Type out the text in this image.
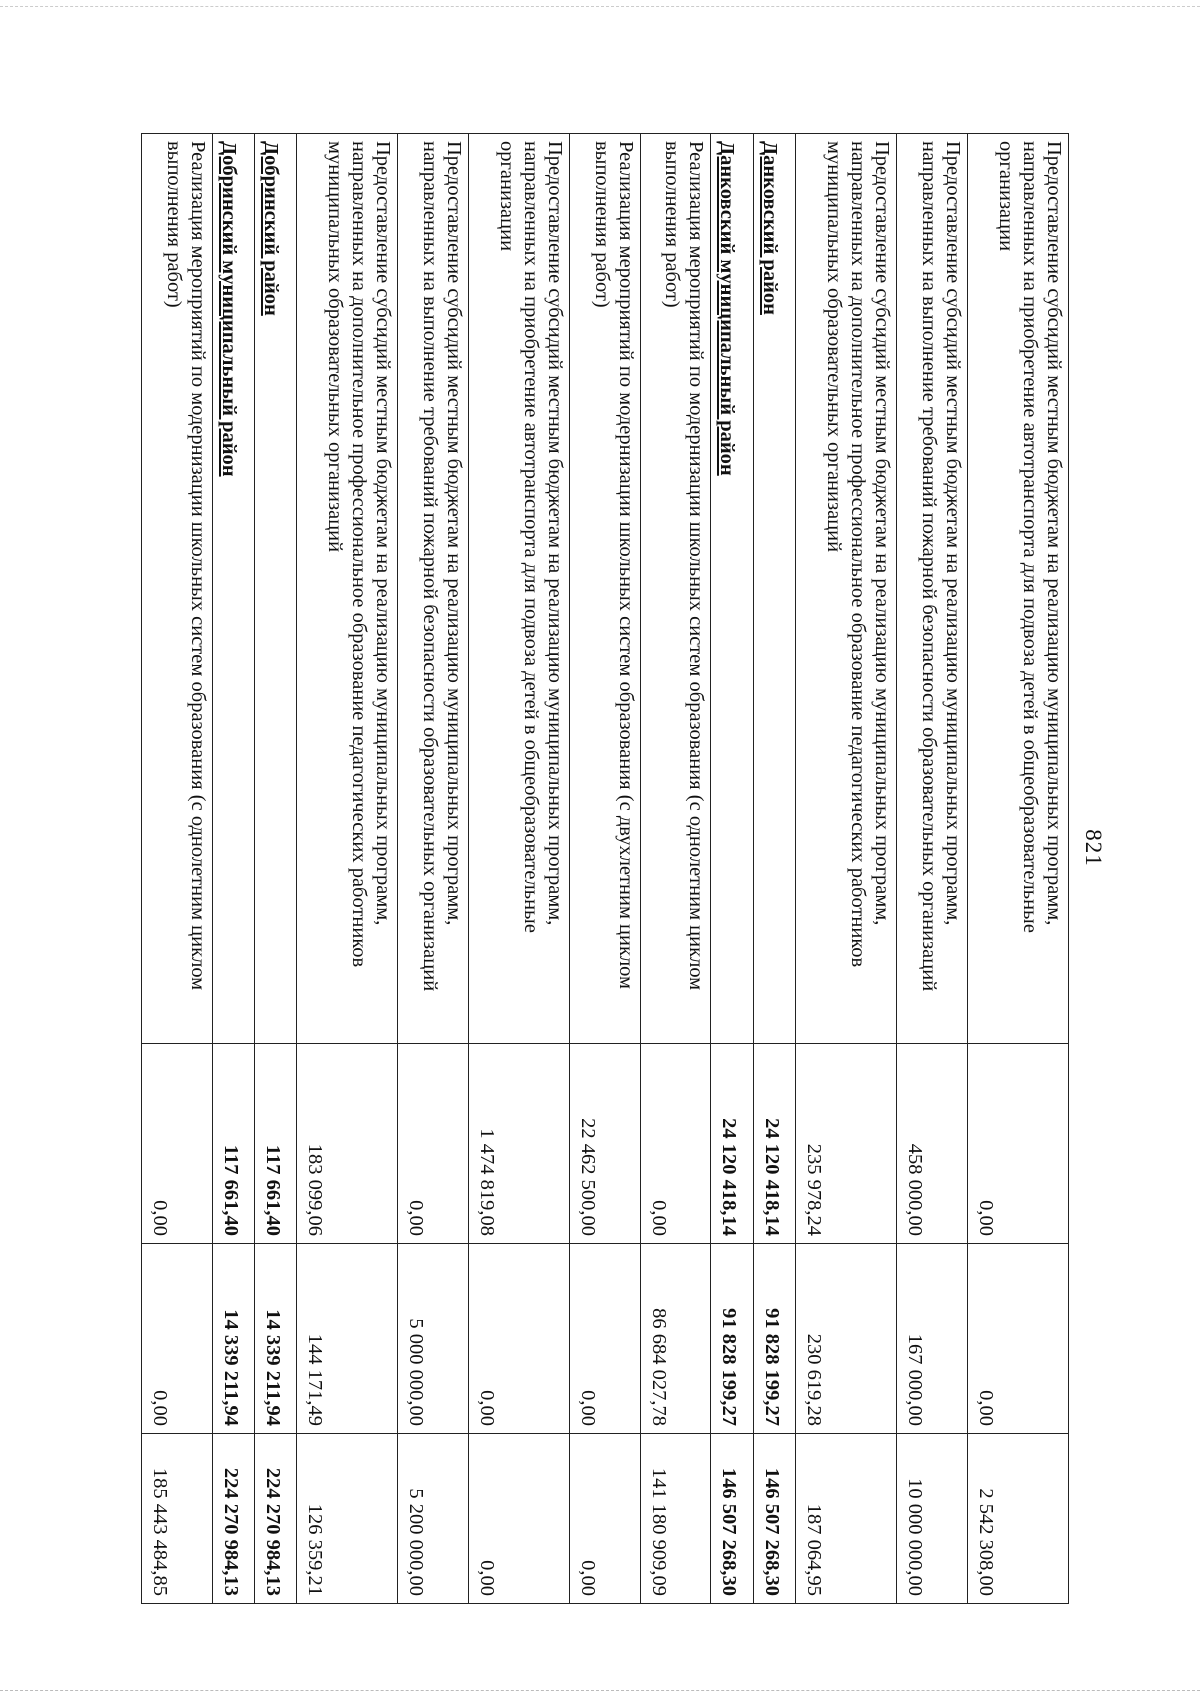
821
Предоставление субсидий местным бюджетам на реализацию муниципальных программ, направленных на приобретение автотранспорта для подвоза детей в общеобразовательные организации	0,00	0,00	2 542 308,00
Предоставление субсидий местным бюджетам на реализацию муниципальных программ, направленных на выполнение требований пожарной безопасности образовательных организаций	458 000,00	167 000,00	10 000 000,00
Предоставление субсидий местным бюджетам на реализацию муниципальных программ, направленных на дополнительное профессиональное образование педагогических работников муниципальных образовательных организаций	235 978,24	230 619,28	187 064,95
Данковский район	24 120 418,14	91 828 199,27	146 507 268,30
Данковский муниципальный район	24 120 418,14	91 828 199,27	146 507 268,30
Реализация мероприятий по модернизации школьных систем образования (с однолетним циклом выполнения работ)	0,00	86 684 027,78	141 180 909,09
Реализация мероприятий по модернизации школьных систем образования (с двухлетним циклом выполнения работ)	22 462 500,00	0,00	0,00
Предоставление субсидий местным бюджетам на реализацию муниципальных программ, направленных на приобретение автотранспорта для подвоза детей в общеобразовательные организации	1 474 819,08	0,00	0,00
Предоставление субсидий местным бюджетам на реализацию муниципальных программ, направленных на выполнение требований пожарной безопасности образовательных организаций	0,00	5 000 000,00	5 200 000,00
Предоставление субсидий местным бюджетам на реализацию муниципальных программ, направленных на дополнительное профессиональное образование педагогических работников муниципальных образовательных организаций	183 099,06	144 171,49	126 359,21
Добринский район	117 661,40	14 339 211,94	224 270 984,13
Добринский муниципальный район	117 661,40	14 339 211,94	224 270 984,13
Реализация мероприятий по модернизации школьных систем образования (с однолетним циклом выполнения работ)	0,00	0,00	185 443 484,85
